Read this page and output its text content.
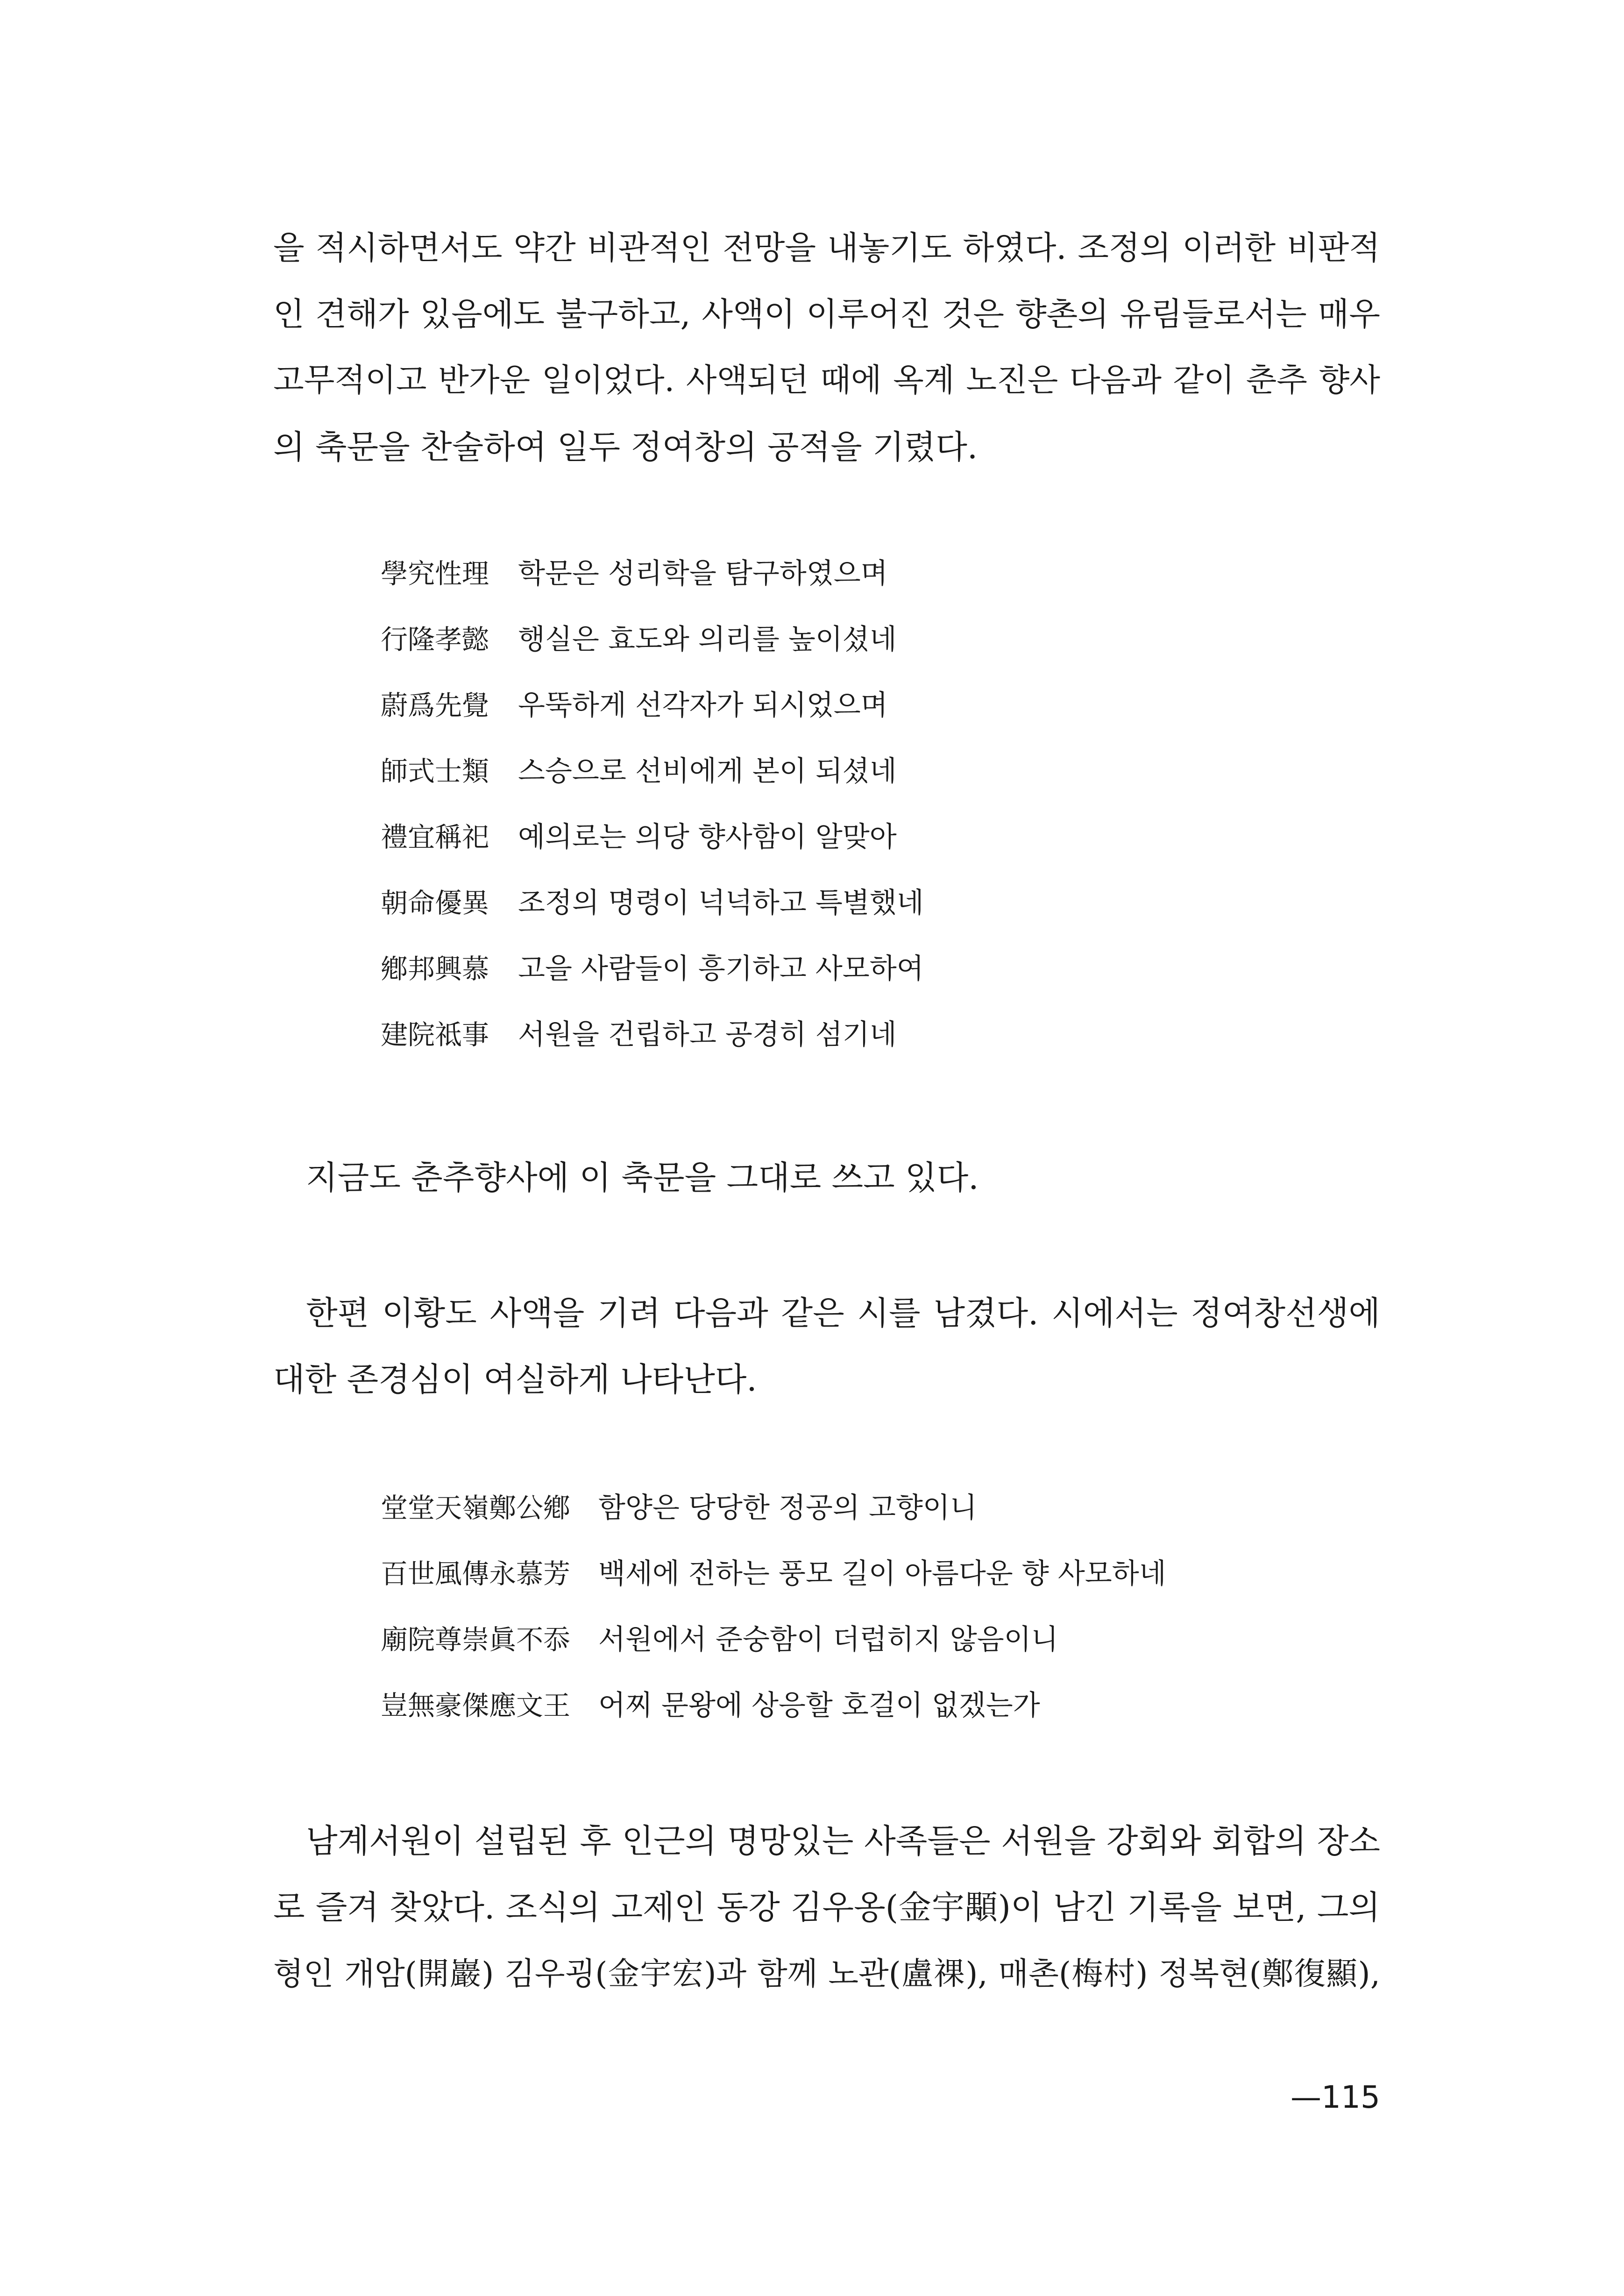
을 적시하면서도 약간 비관적인 전망을 내놓기도 하였다. 조정의 이러한 비판적
인 견해가 있음에도 불구하고, 사액이 이루어진 것은 향촌의 유림들로서는 매우
고무적이고 반가운 일이었다. 사액되던 때에 옥계 노진은 다음과 같이 춘추 향사
의 축문을 찬술하여 일두 정여창의 공적을 기렸다.
學究性理	학문은 성리학을 탐구하였으며
行隆孝懿	행실은 효도와 의리를 높이셨네
蔚爲先覺	우뚝하게 선각자가 되시었으며
師式士類	스승으로 선비에게 본이 되셨네
禮宜稱祀	예의로는 의당 향사함이 알맞아
朝命優異	조정의 명령이 넉넉하고 특별했네
鄕邦興慕	고을 사람들이 흥기하고 사모하여
建院祗事	서원을 건립하고 공경히 섬기네
지금도 춘추향사에 이 축문을 그대로 쓰고 있다.
한편 이황도 사액을 기려 다음과 같은 시를 남겼다. 시에서는 정여창선생에
대한 존경심이 여실하게 나타난다.
堂堂天嶺鄭公鄕 함양은 당당한 정공의 고향이니
百世風傳永慕芳 백세에 전하는 풍모 길이 아름다운 향 사모하네
廟院尊崇眞不忝 서원에서 준숭함이 더럽히지 않음이니
豈無豪傑應文王 어찌 문왕에 상응할 호걸이 없겠는가
남계서원이 설립된 후 인근의 명망있는 사족들은 서원을 강회와 회합의 장소
로 즐겨 찾았다. 조식의 고제인 동강 김우옹(金宇顒)이 남긴 기록을 보면, 그의
형인 개암(開巖) 김우굉(金宇宏)과 함께 노관(盧祼), 매촌(梅村) 정복현(鄭復顯),
—115
